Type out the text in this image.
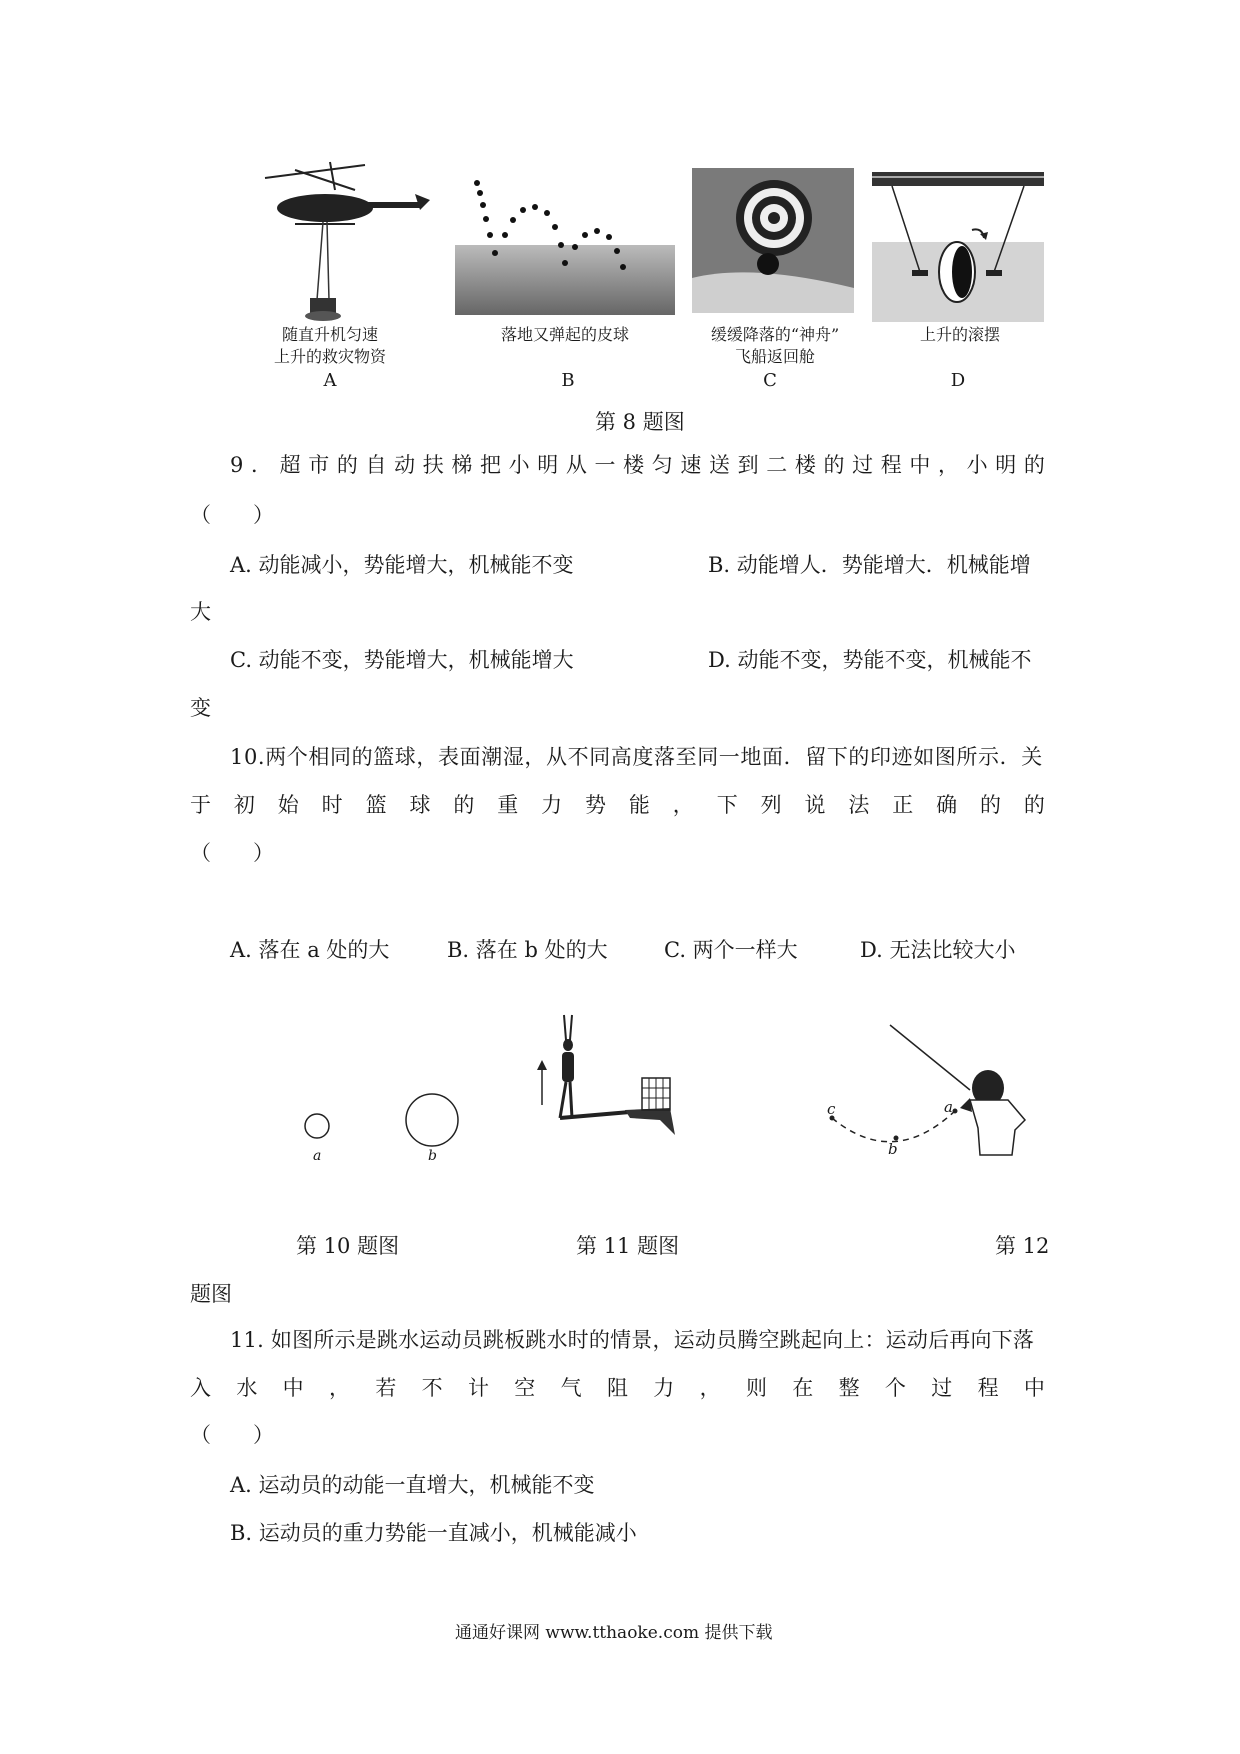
随直升机匀速
上升的救灾物资
A
落地又弹起的皮球
B
缓缓降落的“神舟”
飞船返回舱
C
上升的滚摆
D
第 8 题图
9 ． 超 市 的 自 动 扶 梯 把 小 明 从 一 楼 匀 速 送 到 二 楼 的 过 程 中 ， 小 明 的
（　　）
A. 动能减小，势能增大，机械能不变	B. 动能增人．势能增大．机械能增
大
C. 动能不变，势能增大，机械能增大	D. 动能不变，势能不变，机械能不
变
10.两个相同的篮球，表面潮湿，从不同高度落至同一地面．留下的印迹如图所示．关
于 初 始 时 篮 球 的 重 力 势 能 ， 下 列 说 法 正 确 的 的
（　　）
A. 落在 a 处的大	B. 落在 b 处的大	C. 两个一样大	D. 无法比较大小
a	b
c
b
a
第 10 题图	第 11 题图	第 12
题图
11. 如图所示是跳水运动员跳板跳水时的情景，运动员腾空跳起向上：运动后再向下落
入 水 中 ， 若 不 计 空 气 阻 力 ， 则 在 整 个 过 程 中
（　　）
A. 运动员的动能一直增大，机械能不变
B. 运动员的重力势能一直减小，机械能减小
通通好课网 www.tthaoke.com 提供下载
